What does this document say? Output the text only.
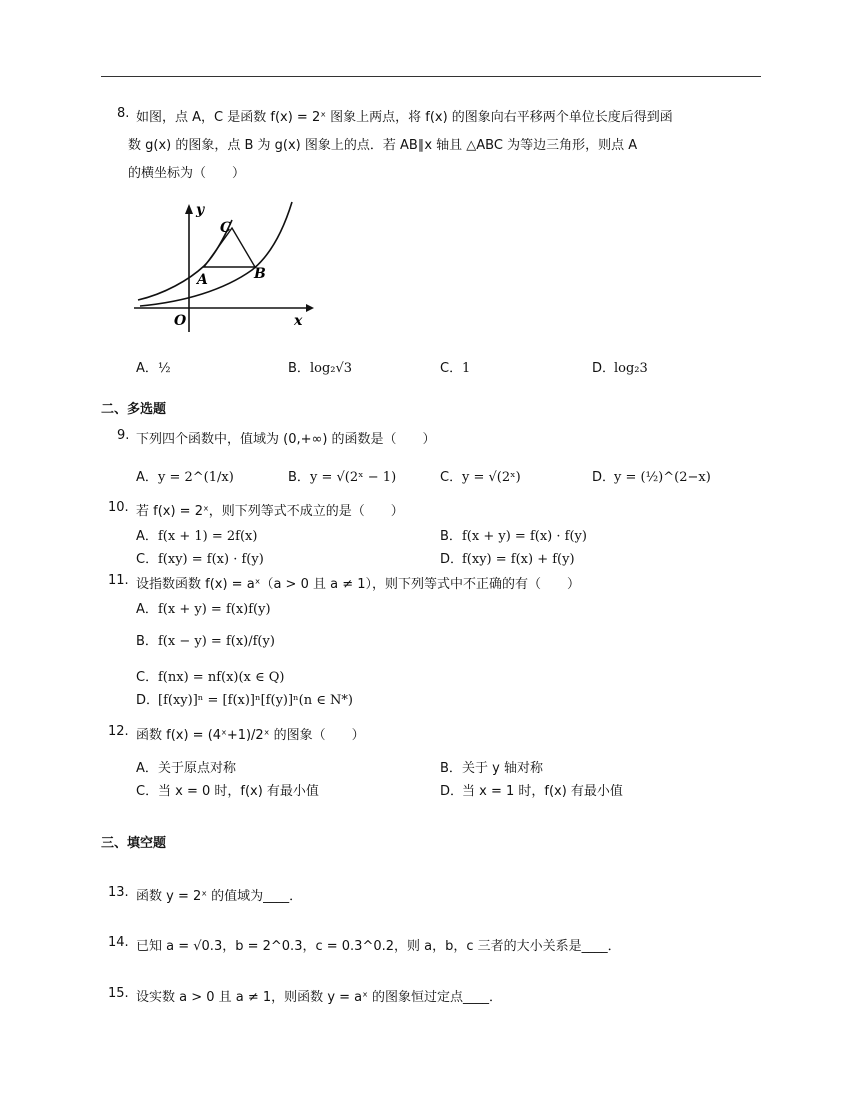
8. 如图，点 A，C 是函数 f(x) = 2ˣ 图象上两点，将 f(x) 的图象向右平移两个单位长度后得到函
数 g(x) 的图象，点 B 为 g(x) 图象上的点．若 AB∥x 轴且 △ABC 为等边三角形，则点 A
的横坐标为（　　）
y
x
O
A	B
C
A．½	B．log₂√3	C．1	D．log₂3
二、多选题
9. 下列四个函数中，值域为 (0,+∞) 的函数是（　　）
A．y = 2^(1/x)	B．y = √(2ˣ − 1)	C．y = √(2ˣ)	D．y = (½)^(2−x)
10. 若 f(x) = 2ˣ，则下列等式不成立的是（　　）
A．f(x + 1) = 2f(x)	B．f(x + y) = f(x) · f(y)
C．f(xy) = f(x) · f(y)	D．f(xy) = f(x) + f(y)
11. 设指数函数 f(x) = aˣ（a > 0 且 a ≠ 1），则下列等式中不正确的有（　　）
A．f(x + y) = f(x)f(y)
B．f(x − y) = f(x)/f(y)
C．f(nx) = nf(x)(x ∈ Q)
D．[f(xy)]ⁿ = [f(x)]ⁿ[f(y)]ⁿ(n ∈ N*)
12. 函数 f(x) = (4ˣ+1)/2ˣ 的图象（　　）
A．关于原点对称	B．关于 y 轴对称
C．当 x = 0 时，f(x) 有最小值	D．当 x = 1 时，f(x) 有最小值
三、填空题
13. 函数 y = 2ˣ 的值域为____．
14. 已知 a = √0.3，b = 2^0.3，c = 0.3^0.2，则 a，b，c 三者的大小关系是____．
15. 设实数 a > 0 且 a ≠ 1，则函数 y = aˣ 的图象恒过定点____．
